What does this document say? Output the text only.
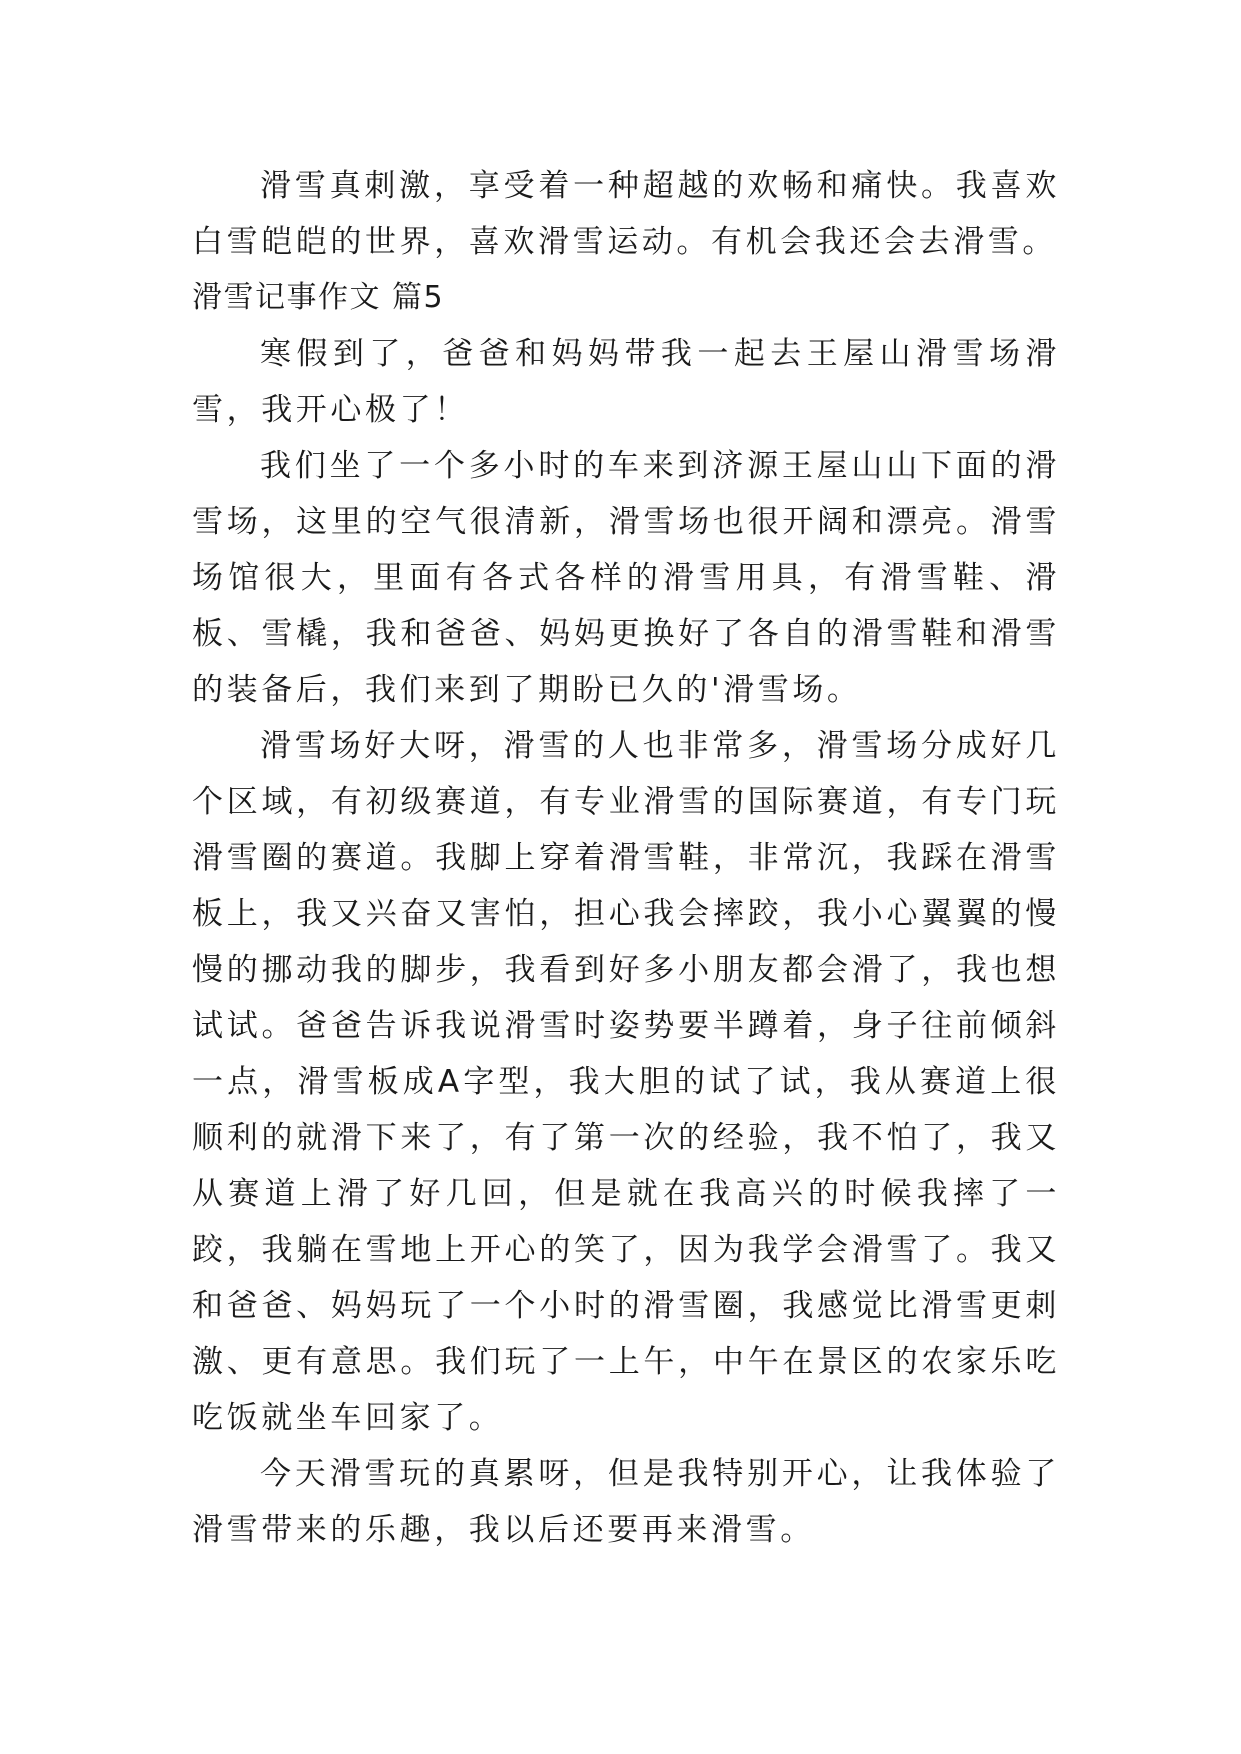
滑雪真刺激，享受着一种超越的欢畅和痛快。我喜欢白雪皑皑的世界，喜欢滑雪运动。有机会我还会去滑雪。

滑雪记事作文 篇5

寒假到了，爸爸和妈妈带我一起去王屋山滑雪场滑雪，我开心极了！

我们坐了一个多小时的车来到济源王屋山山下面的滑雪场，这里的空气很清新，滑雪场也很开阔和漂亮。滑雪场馆很大，里面有各式各样的滑雪用具，有滑雪鞋、滑板、雪橇，我和爸爸、妈妈更换好了各自的滑雪鞋和滑雪的装备后，我们来到了期盼已久的'滑雪场。

滑雪场好大呀，滑雪的人也非常多，滑雪场分成好几个区域，有初级赛道，有专业滑雪的国际赛道，有专门玩滑雪圈的赛道。我脚上穿着滑雪鞋，非常沉，我踩在滑雪板上，我又兴奋又害怕，担心我会摔跤，我小心翼翼的慢慢的挪动我的脚步，我看到好多小朋友都会滑了，我也想试试。爸爸告诉我说滑雪时姿势要半蹲着，身子往前倾斜一点，滑雪板成A字型，我大胆的试了试，我从赛道上很顺利的就滑下来了，有了第一次的经验，我不怕了，我又从赛道上滑了好几回，但是就在我高兴的时候我摔了一跤，我躺在雪地上开心的笑了，因为我学会滑雪了。我又和爸爸、妈妈玩了一个小时的滑雪圈，我感觉比滑雪更刺激、更有意思。我们玩了一上午，中午在景区的农家乐吃吃饭就坐车回家了。

今天滑雪玩的真累呀，但是我特别开心，让我体验了滑雪带来的乐趣，我以后还要再来滑雪。
